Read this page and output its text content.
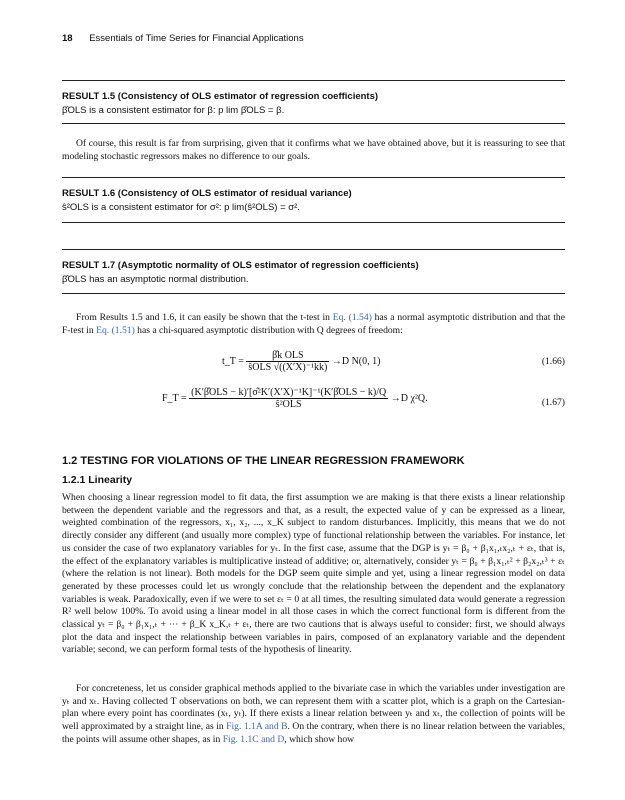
18 Essentials of Time Series for Financial Applications
RESULT 1.5 (Consistency of OLS estimator of regression coefficients)
β̂OLS is a consistent estimator for β: p lim β̂OLS = β.

Of course, this result is far from surprising, given that it confirms what we have obtained above, but it is reassuring to see that modeling stochastic regressors makes no difference to our goals.

RESULT 1.6 (Consistency of OLS estimator of residual variance)
ŝ²OLS is a consistent estimator for σ²: p lim(ŝ²OLS) = σ².
RESULT 1.7 (Asymptotic normality of OLS estimator of regression coefficients)
β̂OLS has an asymptotic normal distribution.

From Results 1.5 and 1.6, it can easily be shown that the t-test in Eq. (1.54) has a normal asymptotic distribution and that the F-test in Eq. (1.51) has a chi-squared asymptotic distribution with Q degrees of freedom:

t_T = $\frac{\text{β̂k OLS}}{\text{ŝOLS √((X′X)⁻¹kk)}} \to D$ N(0, 1)	(1.66)
F_T = $\frac{\text{(K′β̂OLS − k)′[σ̂²K′(X′X)⁻¹K]⁻¹(K′β̂OLS − k)/Q}}{\text{ŝ²OLS}} \to D$ χ²Q.	(1.67)
1.2 TESTING FOR VIOLATIONS OF THE LINEAR REGRESSION FRAMEWORK
1.2.1 Linearity

When choosing a linear regression model to fit data, the first assumption we are making is that there exists a linear relationship between the dependent variable and the regressors and that, as a result, the expected value of y can be expressed as a linear, weighted combination of the regressors, x₁, x₂, ..., x_K subject to random disturbances. Implicitly, this means that we do not directly consider any different (and usually more complex) type of functional relationship between the variables. For instance, let us consider the case of two explanatory variables for yₜ. In the first case, assume that the DGP is yₜ = β₀ + β₁x₁,ₜx₂,ₜ + εₜ, that is, the effect of the explanatory variables is multiplicative instead of additive; or, alternatively, consider yₜ = β₀ + β₁x₁,ₜ² + β₂x₂,ₜ³ + εₜ (where the relation is not linear). Both models for the DGP seem quite simple and yet, using a linear regression model on data generated by these processes could let us wrongly conclude that the relationship between the dependent and the explanatory variables is weak. Paradoxically, even if we were to set εₜ = 0 at all times, the resulting simulated data would generate a regression R² well below 100%. To avoid using a linear model in all those cases in which the correct functional form is different from the classical yₜ = β₀ + β₁x₁,ₜ + ⋯ + β_K x_K,ₜ + εₜ, there are two cautions that is always useful to consider: first, we should always plot the data and inspect the relationship between variables in pairs, composed of an explanatory variable and the dependent variable; second, we can perform formal tests of the hypothesis of linearity.

For concreteness, let us consider graphical methods applied to the bivariate case in which the variables under investigation are yₜ and xₜ. Having collected T observations on both, we can represent them with a scatter plot, which is a graph on the Cartesian-plan where every point has coordinates (xₜ, yₜ). If there exists a linear relation between yₜ and xₜ, the collection of points will be well approximated by a straight line, as in Fig. 1.1A and B. On the contrary, when there is no linear relation between the variables, the points will assume other shapes, as in Fig. 1.1C and D, which show how
